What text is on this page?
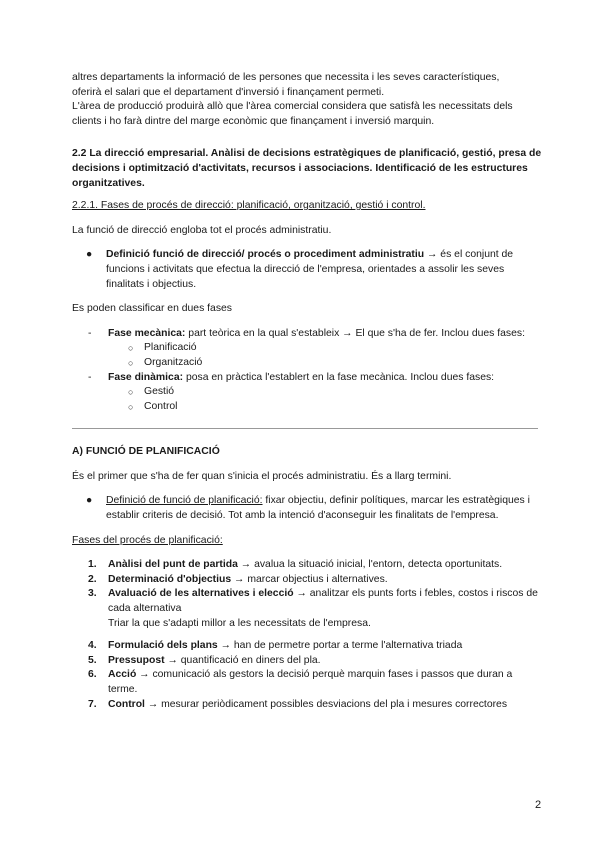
altres departaments la informació de les persones que necessita i les seves característiques,

oferirà el salari que el departament d'inversió i finançament permeti.

L'àrea de producció produirà allò que l'àrea comercial considera que satisfà les necessitats dels

clients i ho farà dintre del marge econòmic que finançament i inversió marquin.

2.2 La direcció empresarial. Anàlisi de decisions estratègiques de planificació, gestió, presa de decisions i optimització d'activitats, recursos i associacions. Identificació de les estructures organitzatives.

2.2.1. Fases de procés de direcció: planificació, organització, gestió i control.

La funció de direcció engloba tot el procés administratiu.

●	Definició funció de direcció/ procés o procediment administratiu → és el conjunt de funcions i activitats que efectua la direcció de l'empresa, orientades a assolir les seves finalitats i objectius.

Es poden classificar en dues fases

-	Fase mecànica: part teòrica en la qual s'estableix → El que s'ha de fer. Inclou dues fases:
○	Planificació
○	Organització
-	Fase dinàmica: posa en pràctica l'establert en la fase mecànica. Inclou dues fases:
○	Gestió
○	Control

A) FUNCIÓ DE PLANIFICACIÓ

És el primer que s'ha de fer quan s'inicia el procés administratiu. És a llarg termini.

●	Definició de funció de planificació: fixar objectiu, definir polítiques, marcar les estratègiques i establir criteris de decisió. Tot amb la intenció d'aconseguir les finalitats de l'empresa.

Fases del procés de planificació:

1.	Anàlisi del punt de partida → avalua la situació inicial, l'entorn, detecta oportunitats.
2.	Determinació d'objectius → marcar objectius i alternatives.
3.	Avaluació de les alternatives i elecció → analitzar els punts forts i febles, costos i riscos de cada alternativa
Triar la que s'adapti millor a les necessitats de l'empresa.
4.	Formulació dels plans → han de permetre portar a terme l'alternativa triada
5.	Pressupost → quantificació en diners del pla.
6.	Acció → comunicació als gestors la decisió perquè marquin fases i passos que duran a terme.
7.	Control → mesurar periòdicament possibles desviacions del pla i mesures correctores
2
